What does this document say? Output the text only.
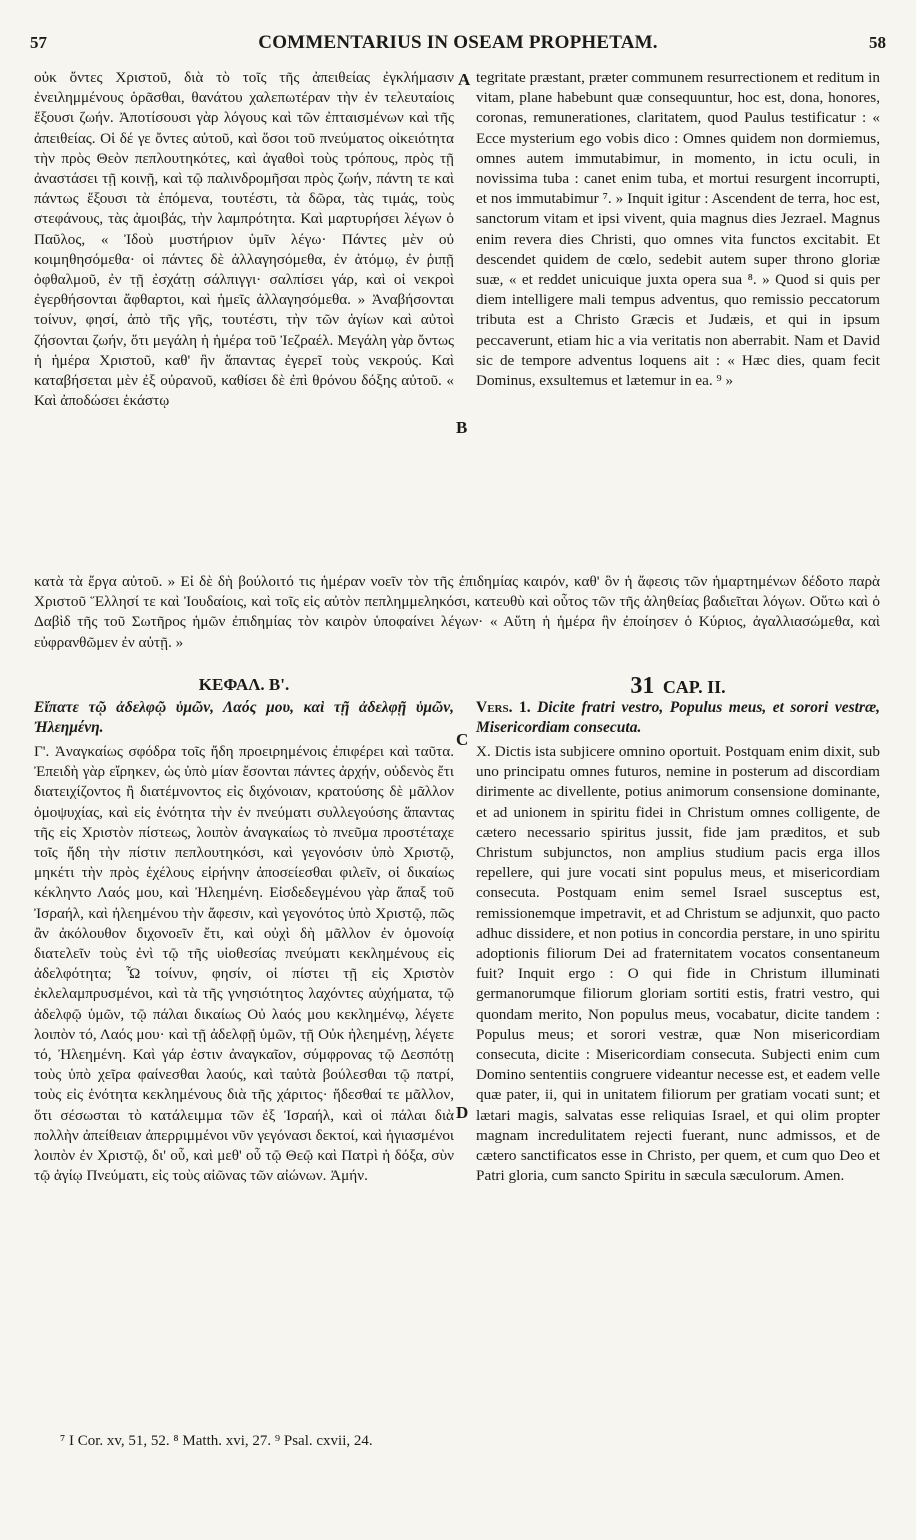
57	COMMENTARIUS IN OSEAM PROPHETAM.	58

οὐκ ὄντες Χριστοῦ, διὰ τὸ τοῖς τῆς ἀπειθείας ἐγκλήμασιν ἐνειλημμένους ὁρᾶσθαι, θανάτου χαλεπωτέραν τὴν ἐν τελευταίοις ἕξουσι ζωήν. Ἀποτίσουσι γὰρ λόγους καὶ τῶν ἐπταισμένων καὶ τῆς ἀπειθείας. Οἱ δέ γε ὄντες αὐτοῦ, καὶ ὅσοι τοῦ πνεύματος οἰκειότητα τὴν πρὸς Θεὸν πεπλουτηκότες, καὶ ἀγαθοὶ τοὺς τρόπους, πρὸς τῇ ἀναστάσει τῇ κοινῇ, καὶ τῷ παλινδρομῆσαι πρὸς ζωήν, πάντη τε καὶ πάντως ἕξουσι τὰ ἑπόμενα, τουτέστι, τὰ δῶρα, τὰς τιμάς, τοὺς στεφάνους, τὰς ἀμοιβάς, τὴν λαμπρότητα. Καὶ μαρτυρήσει λέγων ὁ Παῦλος, « Ἰδοὺ μυστήριον ὑμῖν λέγω· Πάντες μὲν οὐ κοιμηθησόμεθα· οἱ πάντες δὲ ἀλλαγησόμεθα, ἐν ἀτόμῳ, ἐν ῥιπῇ ὀφθαλμοῦ, ἐν τῇ ἐσχάτῃ σάλπιγγι· σαλπίσει γάρ, καὶ οἱ νεκροὶ ἐγερθήσονται ἄφθαρτοι, καὶ ἡμεῖς ἀλλαγησόμεθα. » Ἀναβήσονται τοίνυν, φησί, ἀπὸ τῆς γῆς, τουτέστι, τὴν τῶν ἁγίων καὶ αὐτοὶ ζήσονται ζωήν, ὅτι μεγάλη ἡ ἡμέρα τοῦ Ἰεζραέλ. Μεγάλη γὰρ ὄντως ἡ ἡμέρα Χριστοῦ, καθ' ἣν ἅπαντας ἐγερεῖ τοὺς νεκρούς. Καὶ καταβήσεται μὲν ἐξ οὐρανοῦ, καθίσει δὲ ἐπὶ θρόνου δόξης αὐτοῦ. « Καὶ ἀποδώσει ἑκάστῳ

A
B
C
D

tegritate præstant, præter communem resurrectionem et reditum in vitam, plane habebunt quæ consequuntur, hoc est, dona, honores, coronas, remunerationes, claritatem, quod Paulus testificatur : « Ecce mysterium ego vobis dico : Omnes quidem non dormiemus, omnes autem immutabimur, in momento, in ictu oculi, in novissima tuba : canet enim tuba, et mortui resurgent incorrupti, et nos immutabimur ⁷. » Inquit igitur : Ascendent de terra, hoc est, sanctorum vitam et ipsi vivent, quia magnus dies Jezrael. Magnus enim revera dies Christi, quo omnes vita functos excitabit. Et descendet quidem de cœlo, sedebit autem super throno gloriæ suæ, « et reddet unicuique juxta opera sua ⁸. » Quod si quis per diem intelligere mali tempus adventus, quo remissio peccatorum tributa est a Christo Græcis et Judæis, et qui in ipsum peccaverunt, etiam hic a via veritatis non aberrabit. Nam et David sic de tempore adventus loquens ait : « Hæc dies, quam fecit Dominus, exsultemus et lætemur in ea. ⁹ »

κατὰ τὰ ἔργα αὐτοῦ. » Εἰ δὲ δὴ βούλοιτό τις ἡμέραν νοεῖν τὸν τῆς ἐπιδημίας καιρόν, καθ' ὃν ἡ ἄφεσις τῶν ἡμαρτημένων δέδοτο παρὰ Χριστοῦ Ἕλλησί τε καὶ Ἰουδαίοις, καὶ τοῖς εἰς αὐτὸν πεπλημμεληκόσι, κατευθὺ καὶ οὗτος τῶν τῆς ἀληθείας βαδιεῖται λόγων. Οὕτω καὶ ὁ Δαβὶδ τῆς τοῦ Σωτῆρος ἡμῶν ἐπιδημίας τὸν καιρὸν ὑποφαίνει λέγων· « Αὕτη ἡ ἡμέρα ἣν ἐποίησεν ὁ Κύριος, ἀγαλλιασώμεθα, καὶ εὐφρανθῶμεν ἐν αὐτῇ. »

ΚΕΦΑΛ. Β'.	31 CAP. II.
Εἴπατε τῷ ἀδελφῷ ὑμῶν, Λαός μου, καὶ τῇ ἀδελφῇ ὑμῶν, Ἠλεημένη.
Vers. 1. Dicite fratri vestro, Populus meus, et sorori vestræ, Misericordiam consecuta.

Γ'. Ἀναγκαίως σφόδρα τοῖς ἤδη προειρημένοις ἐπιφέρει καὶ ταῦτα. Ἐπειδὴ γὰρ εἴρηκεν, ὡς ὑπὸ μίαν ἔσονται πάντες ἀρχήν, οὐδενὸς ἔτι διατειχίζοντος ἢ διατέμνοντος εἰς διχόνοιαν, κρατούσης δὲ μᾶλλον ὁμοψυχίας, καὶ εἰς ἑνότητα τὴν ἐν πνεύματι συλλεγούσης ἅπαντας τῆς εἰς Χριστὸν πίστεως, λοιπὸν ἀναγκαίως τὸ πνεῦμα προστέταχε τοῖς ἤδη τὴν πίστιν πεπλουτηκόσι, καὶ γεγονόσιν ὑπὸ Χριστῷ, μηκέτι τὴν πρὸς ἑχέλους εἰρήνην ἀποσείεσθαι φιλεῖν, οἱ δικαίως κέκληντο Λαός μου, καὶ Ἠλεημένη. Εἰσδεδεγμένου γὰρ ἅπαξ τοῦ Ἰσραήλ, καὶ ἠλεημένου τὴν ἄφεσιν, καὶ γεγονότος ὑπὸ Χριστῷ, πῶς ἂν ἀκόλουθον διχονοεῖν ἔτι, καὶ οὐχὶ δὴ μᾶλλον ἐν ὁμονοίᾳ διατελεῖν τοὺς ἐνὶ τῷ τῆς υἱοθεσίας πνεύματι κεκλημένους εἰς ἀδελφότητα; Ὦ τοίνυν, φησίν, οἱ πίστει τῇ εἰς Χριστὸν ἐκλελαμπρυσμένοι, καὶ τὰ τῆς γνησιότητος λαχόντες αὐχήματα, τῷ ἀδελφῷ ὑμῶν, τῷ πάλαι δικαίως Οὐ λαός μου κεκλημένῳ, λέγετε λοιπὸν τό, Λαός μου· καὶ τῇ ἀδελφῇ ὑμῶν, τῇ Οὐκ ἠλεημένῃ, λέγετε τό, Ἠλεημένη. Καὶ γάρ ἐστιν ἀναγκαῖον, σύμφρονας τῷ Δεσπότῃ τοὺς ὑπὸ χεῖρα φαίνεσθαι λαούς, καὶ ταὐτὰ βούλεσθαι τῷ πατρί, τοὺς εἰς ἑνότητα κεκλημένους διὰ τῆς χάριτος· ἥδεσθαί τε μᾶλλον, ὅτι σέσωσται τὸ κατάλειμμα τῶν ἐξ Ἰσραήλ, καὶ οἱ πάλαι διὰ πολλὴν ἀπείθειαν ἀπερριμμένοι νῦν γεγόνασι δεκτοί, καὶ ἡγιασμένοι λοιπὸν ἐν Χριστῷ, δι' οὗ, καὶ μεθ' οὗ τῷ Θεῷ καὶ Πατρὶ ἡ δόξα, σὺν τῷ ἁγίῳ Πνεύματι, εἰς τοὺς αἰῶνας τῶν αἰώνων. Ἀμήν.

X. Dictis ista subjicere omnino oportuit. Postquam enim dixit, sub uno principatu omnes futuros, nemine in posterum ad discordiam dirimente ac divellente, potius animorum consensione dominante, et ad unionem in spiritu fidei in Christum omnes colligente, de cætero necessario spiritus jussit, fide jam præditos, et sub Christum subjunctos, non amplius studium pacis erga illos repellere, qui jure vocati sint populus meus, et misericordiam consecuta. Postquam enim semel Israel susceptus est, remissionemque impetravit, et ad Christum se adjunxit, quo pacto adhuc dissidere, et non potius in concordia perstare, in uno spiritu adoptionis filiorum Dei ad fraternitatem vocatos consentaneum fuit? Inquit ergo : O qui fide in Christum illuminati germanorumque filiorum gloriam sortiti estis, fratri vestro, qui quondam merito, Non populus meus, vocabatur, dicite tandem : Populus meus; et sorori vestræ, quæ Non misericordiam consecuta, dicite : Misericordiam consecuta. Subjecti enim cum Domino sententiis congruere videantur necesse est, et eadem velle quæ pater, ii, qui in unitatem filiorum per gratiam vocati sunt; et lætari magis, salvatas esse reliquias Israel, et qui olim propter magnam incredulitatem rejecti fuerant, nunc admissos, et de cætero sanctificatos esse in Christo, per quem, et cum quo Deo et Patri gloria, cum sancto Spiritu in sæcula sæculorum. Amen.

⁷ I Cor. xv, 51, 52. ⁸ Matth. xvi, 27. ⁹ Psal. cxvii, 24.
